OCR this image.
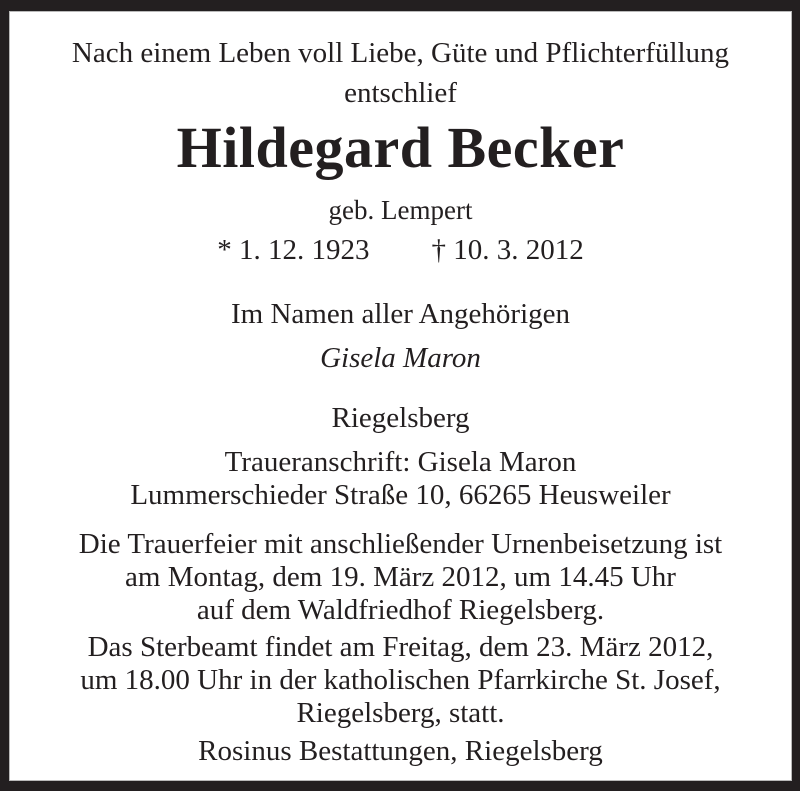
Nach einem Leben voll Liebe, Güte und Pflichterfüllung
entschlief
Hildegard Becker
geb. Lempert
* 1. 12. 1923 † 10. 3. 2012
Im Namen aller Angehörigen
Gisela Maron
Riegelsberg
Traueranschrift: Gisela Maron
Lummerschieder Straße 10, 66265 Heusweiler
Die Trauerfeier mit anschließender Urnenbeisetzung ist
am Montag, dem 19. März 2012, um 14.45 Uhr
auf dem Waldfriedhof Riegelsberg.
Das Sterbeamt findet am Freitag, dem 23. März 2012,
um 18.00 Uhr in der katholischen Pfarrkirche St. Josef,
Riegelsberg, statt.
Rosinus Bestattungen, Riegelsberg
